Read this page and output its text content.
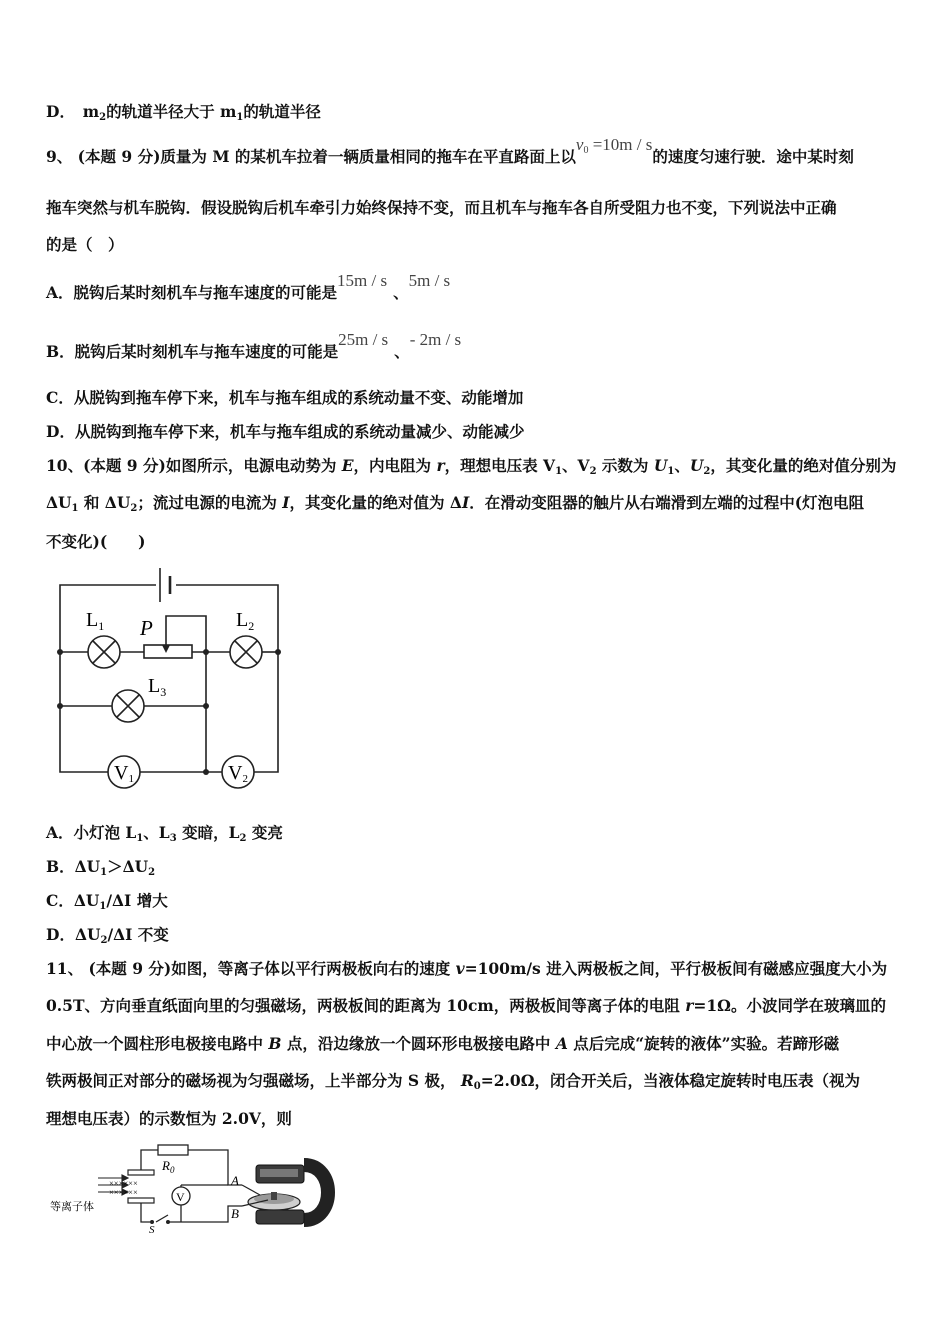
D．　 $m_2$的轨道半径大于 $m_1$的轨道半径
9、 (本题 9 分)质量为 M 的某机车拉着一辆质量相同的拖车在平直路面上以$v_0 =10m / s$的速度匀速行驶．途中某时刻
拖车突然与机车脱钩．假设脱钩后机车牵引力始终保持不变，而且机车与拖车各自所受阻力也不变，下列说法中正确
的是（　）
A．脱钩后某时刻机车与拖车速度的可能是15m / s、5m / s
B．脱钩后某时刻机车与拖车速度的可能是25m / s、- 2m / s
C．从脱钩到拖车停下来，机车与拖车组成的系统动量不变、动能增加
D．从脱钩到拖车停下来，机车与拖车组成的系统动量减少、动能减少
10、(本题 9 分)如图所示，电源电动势为 E，内电阻为 r，理想电压表 $V_1$、$V_2$ 示数为 $U_1$、$U_2$，其变化量的绝对值分别为
$\Delta U_1$ 和 $\Delta U_2$；流过电源的电流为 I，其变化量的绝对值为 ΔI．在滑动变阻器的触片从右端滑到左端的过程中(灯泡电阻
不变化)(　　)
V1	V2
$L_1$	$L_2$
$L_3$
P
A．小灯泡 $L_1$、$L_3$ 变暗，$L_2$ 变亮
B．$\Delta U_1>\Delta U_2$
C．$\Delta U_1/\Delta I$ 增大
D．$\Delta U_2/\Delta I$ 不变
11、 (本题 9 分)如图，等离子体以平行两极板向右的速度 v=100m/s 进入两极板之间，平行极板间有磁感应强度大小为
0.5T、方向垂直纸面向里的匀强磁场，两极板间的距离为 10cm，两极板间等离子体的电阻 r=1Ω。小波同学在玻璃皿的
中心放一个圆柱形电极接电路中 B 点，沿边缘放一个圆环形电极接电路中 A 点后完成“旋转的液体”实验。若蹄形磁
铁两极间正对部分的磁场视为匀强磁场，上半部分为 S 极， $R_0=2.0\Omega$，闭合开关后，当液体稳定旋转时电压表（视为
理想电压表）的示数恒为 2.0V，则
等离子体
××××××
××××××
$R_0$
V
S
A
B
